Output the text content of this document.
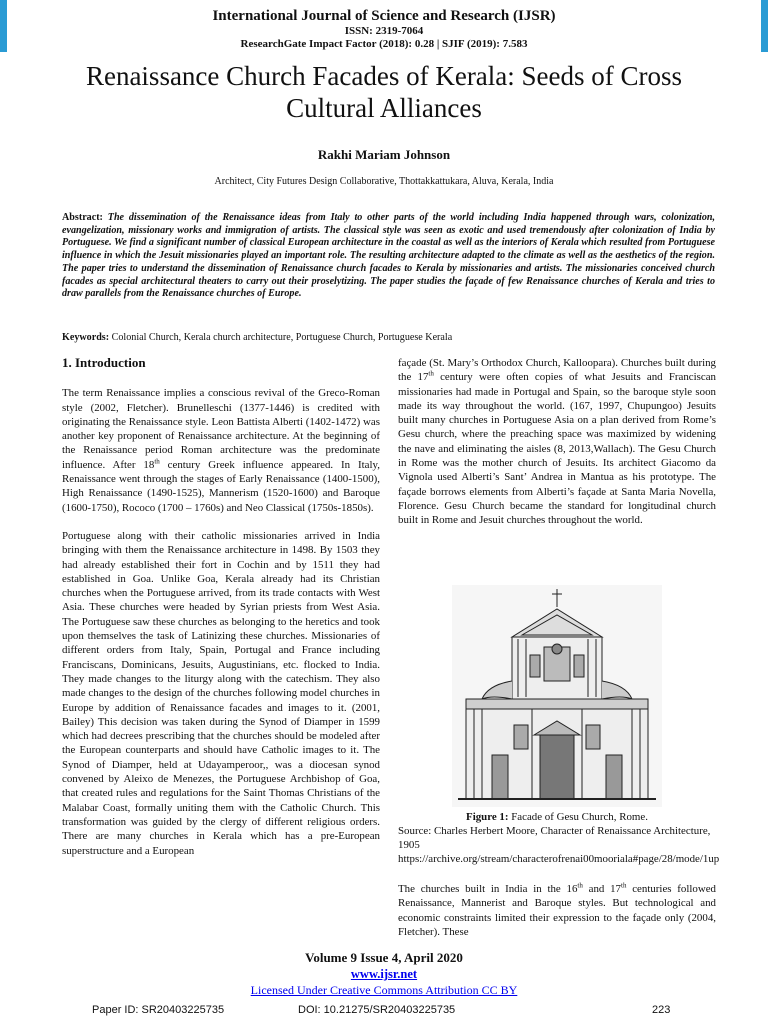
International Journal of Science and Research (IJSR)
ISSN: 2319-7064
ResearchGate Impact Factor (2018): 0.28 | SJIF (2019): 7.583
Renaissance Church Facades of Kerala: Seeds of Cross Cultural Alliances
Rakhi Mariam Johnson
Architect, City Futures Design Collaborative, Thottakkattukara, Aluva, Kerala, India
Abstract: The dissemination of the Renaissance ideas from Italy to other parts of the world including India happened through wars, colonization, evangelization, missionary works and immigration of artists. The classical style was seen as exotic and used tremendously after colonization of India by Portuguese. We find a significant number of classical European architecture in the coastal as well as the interiors of Kerala which resulted from Portuguese influence in which the Jesuit missionaries played an important role. The resulting architecture adapted to the climate as well as the aesthetics of the region. The paper tries to understand the dissemination of Renaissance church facades to Kerala by missionaries and artists. The missionaries conceived church facades as special architectural theaters to carry out their proselytizing. The paper studies the façade of few Renaissance churches of Kerala and tries to draw parallels from the Renaissance churches of Europe.
Keywords: Colonial Church, Kerala church architecture, Portuguese Church, Portuguese Kerala

1. Introduction

The term Renaissance implies a conscious revival of the Greco-Roman style (2002, Fletcher). Brunelleschi (1377-1446) is credited with originating the Renaissance style. Leon Battista Alberti (1402-1472) was another key proponent of Renaissance architecture. At the beginning of the Renaissance period Roman architecture was the predominate influence. After 18th century Greek influence appeared. In Italy, Renaissance went through the stages of Early Renaissance (1400-1500), High Renaissance (1490-1525), Mannerism (1520-1600) and Baroque (1600-1750), Rococo (1700 – 1760s) and Neo Classical (1750s-1850s).

Portuguese along with their catholic missionaries arrived in India bringing with them the Renaissance architecture in 1498. By 1503 they had already established their fort in Cochin and by 1511 they had established in Goa. Unlike Goa, Kerala already had its Christian churches when the Portuguese arrived, from its trade contacts with West Asia. These churches were headed by Syrian priests from West Asia. The Portuguese saw these churches as belonging to the heretics and took upon themselves the task of Latinizing these churches. Missionaries of different orders from Italy, Spain, Portugal and France including Franciscans, Dominicans, Jesuits, Augustinians, etc. flocked to India. They made changes to the liturgy along with the catechism. They also made changes to the design of the churches following model churches in Europe by addition of Renaissance facades and images to it. (2001, Bailey) This decision was taken during the Synod of Diamper in 1599 which had decrees prescribing that the churches should be modeled after the European counterparts and should have Catholic images to it. The Synod of Diamper, held at Udayamperoor,, was a diocesan synod convened by Aleixo de Menezes, the Portuguese Archbishop of Goa, that created rules and regulations for the Saint Thomas Christians of the Malabar Coast, formally uniting them with the Catholic Church. This transformation was guided by the clergy of different religious orders. There are many churches in Kerala which has a pre-European superstructure and a European

façade (St. Mary’s Orthodox Church, Kalloopara). Churches built during the 17th century were often copies of what Jesuits and Franciscan missionaries had made in Portugal and Spain, so the baroque style soon made its way throughout the world. (167, 1997, Chupungoo) Jesuits built many churches in Portuguese Asia on a plan derived from Rome’s Gesu church, where the preaching space was maximized by widening the nave and eliminating the aisles (8, 2013,Wallach). The Gesu Church in Rome was the mother church of Jesuits. Its architect Giacomo da Vignola used Alberti’s Sant’ Andrea in Mantua as his prototype. The façade borrows elements from Alberti’s façade at Santa Maria Novella, Florence. Gesu Church became the standard for longitudinal church built in Rome and Jesuit churches throughout the world.

Figure 1: Facade of Gesu Church, Rome.
Source: Charles Herbert Moore, Character of Renaissance Architecture, 1905
https://archive.org/stream/characterofrenai00mooriala#page/28/mode/1up

The churches built in India in the 16th and 17th centuries followed Renaissance, Mannerist and Baroque styles. But technological and economic constraints limited their expression to the façade only (2004, Fletcher). These

Volume 9 Issue 4, April 2020
www.ijsr.net
Licensed Under Creative Commons Attribution CC BY
Paper ID: SR20403225735	DOI: 10.21275/SR20403225735	223
